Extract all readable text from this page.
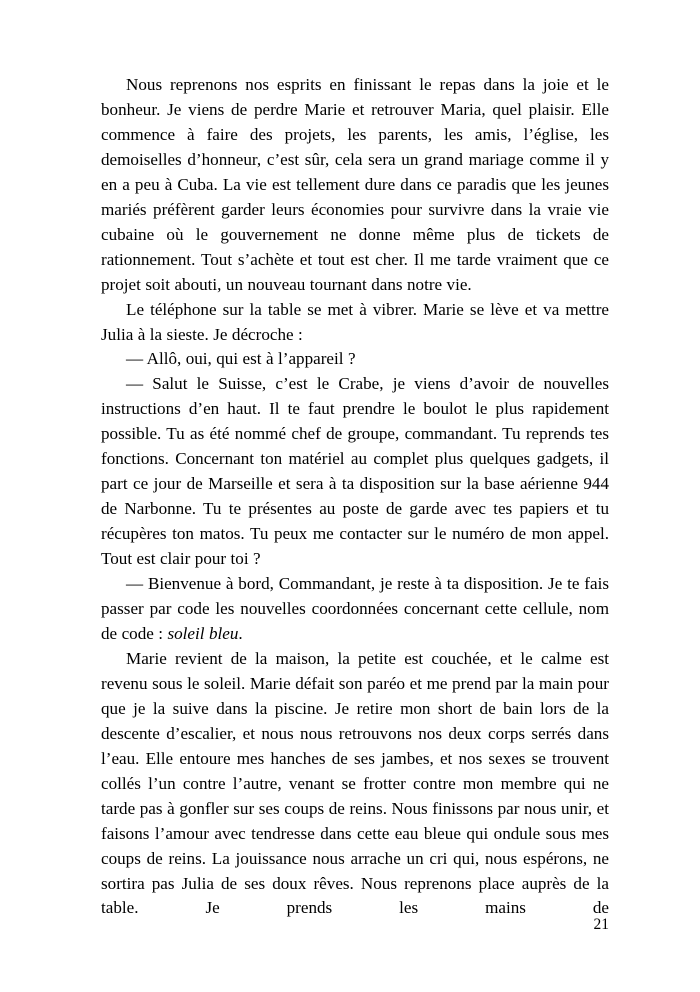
Nous reprenons nos esprits en finissant le repas dans la joie et le bonheur. Je viens de perdre Marie et retrouver Maria, quel plaisir. Elle commence à faire des projets, les parents, les amis, l’église, les demoiselles d’honneur, c’est sûr, cela sera un grand mariage comme il y en a peu à Cuba. La vie est tellement dure dans ce paradis que les jeunes mariés préfèrent garder leurs économies pour survivre dans la vraie vie cubaine où le gouvernement ne donne même plus de tickets de rationnement. Tout s’achète et tout est cher. Il me tarde vraiment que ce projet soit abouti, un nouveau tournant dans notre vie.

Le téléphone sur la table se met à vibrer. Marie se lève et va mettre Julia à la sieste. Je décroche :

— Allô, oui, qui est à l’appareil ?

— Salut le Suisse, c’est le Crabe, je viens d’avoir de nouvelles instructions d’en haut. Il te faut prendre le boulot le plus rapidement possible. Tu as été nommé chef de groupe, commandant. Tu reprends tes fonctions. Concernant ton matériel au complet plus quelques gadgets, il part ce jour de Marseille et sera à ta disposition sur la base aérienne 944 de Narbonne. Tu te présentes au poste de garde avec tes papiers et tu récupères ton matos. Tu peux me contacter sur le numéro de mon appel. Tout est clair pour toi ?

— Bienvenue à bord, Commandant, je reste à ta disposition. Je te fais passer par code les nouvelles coordonnées concernant cette cellule, nom de code : soleil bleu.

Marie revient de la maison, la petite est couchée, et le calme est revenu sous le soleil. Marie défait son paréo et me prend par la main pour que je la suive dans la piscine. Je retire mon short de bain lors de la descente d’escalier, et nous nous retrouvons nos deux corps serrés dans l’eau. Elle entoure mes hanches de ses jambes, et nos sexes se trouvent collés l’un contre l’autre, venant se frotter contre mon membre qui ne tarde pas à gonfler sur ses coups de reins. Nous finissons par nous unir, et faisons l’amour avec tendresse dans cette eau bleue qui ondule sous mes coups de reins. La jouissance nous arrache un cri qui, nous espérons, ne sortira pas Julia de ses doux rêves. Nous reprenons place auprès de la table. Je prends les mains de

21
